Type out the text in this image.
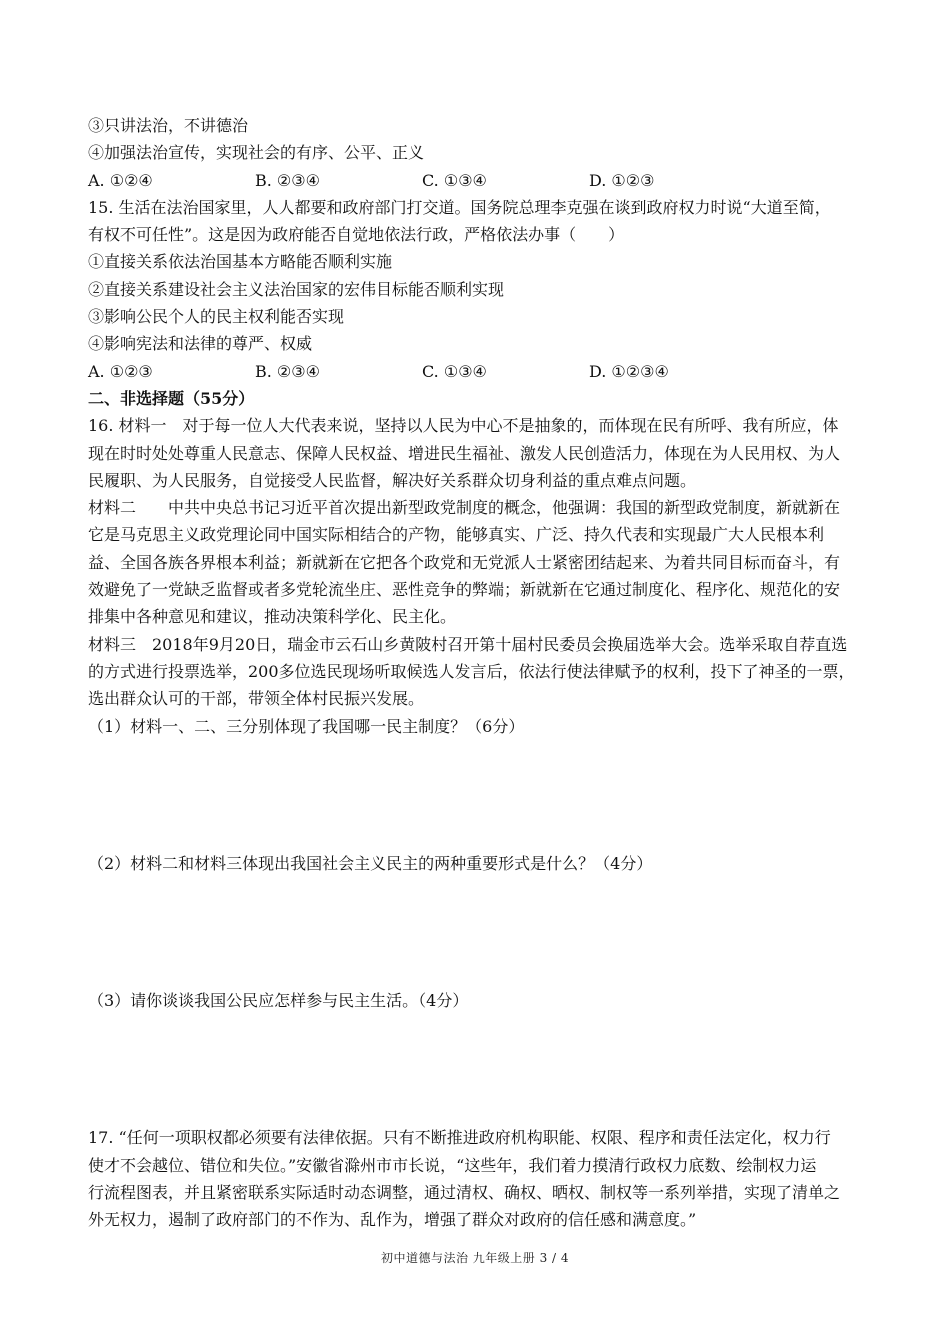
③只讲法治，不讲德治
④加强法治宣传，实现社会的有序、公平、正义
A. ①②④	B. ②③④	C. ①③④	D. ①②③
15. 生活在法治国家里，人人都要和政府部门打交道。国务院总理李克强在谈到政府权力时说“大道至简，
有权不可任性”。这是因为政府能否自觉地依法行政，严格依法办事（　　）
①直接关系依法治国基本方略能否顺利实施
②直接关系建设社会主义法治国家的宏伟目标能否顺利实现
③影响公民个人的民主权利能否实现
④影响宪法和法律的尊严、权威
A. ①②③	B. ②③④	C. ①③④	D. ①②③④
二、非选择题（55分）
16. 材料一　对于每一位人大代表来说，坚持以人民为中心不是抽象的，而体现在民有所呼、我有所应，体
现在时时处处尊重人民意志、保障人民权益、增进民生福祉、激发人民创造活力，体现在为人民用权、为人
民履职、为人民服务，自觉接受人民监督，解决好关系群众切身利益的重点难点问题。
材料二　　中共中央总书记习近平首次提出新型政党制度的概念，他强调：我国的新型政党制度，新就新在
它是马克思主义政党理论同中国实际相结合的产物，能够真实、广泛、持久代表和实现最广大人民根本利
益、全国各族各界根本利益；新就新在它把各个政党和无党派人士紧密团结起来、为着共同目标而奋斗，有
效避免了一党缺乏监督或者多党轮流坐庄、恶性竞争的弊端；新就新在它通过制度化、程序化、规范化的安
排集中各种意见和建议，推动决策科学化、民主化。
材料三　2018年9月20日，瑞金市云石山乡黄陂村召开第十届村民委员会换届选举大会。选举采取自荐直选
的方式进行投票选举，200多位选民现场听取候选人发言后，依法行使法律赋予的权利，投下了神圣的一票，
选出群众认可的干部，带领全体村民振兴发展。
（1）材料一、二、三分别体现了我国哪一民主制度？（6分）
（2）材料二和材料三体现出我国社会主义民主的两种重要形式是什么？（4分）
（3）请你谈谈我国公民应怎样参与民主生活。（4分）
17. “任何一项职权都必须要有法律依据。只有不断推进政府机构职能、权限、程序和责任法定化，权力行
使才不会越位、错位和失位。”安徽省滁州市市长说，“这些年，我们着力摸清行政权力底数、绘制权力运
行流程图表，并且紧密联系实际适时动态调整，通过清权、确权、晒权、制权等一系列举措，实现了清单之
外无权力，遏制了政府部门的不作为、乱作为，增强了群众对政府的信任感和满意度。”
初中道德与法治 九年级上册 3 / 4
